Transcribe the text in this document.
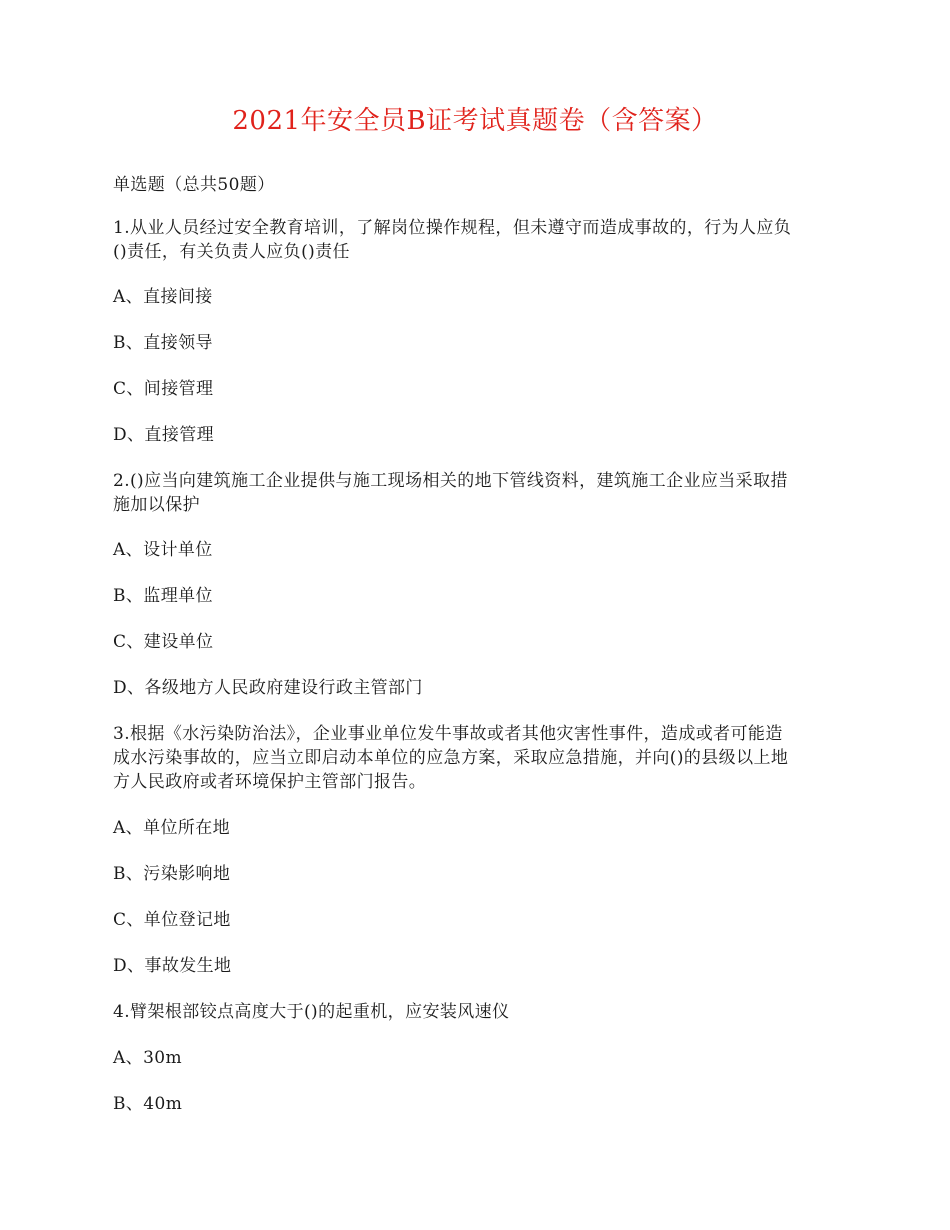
2021年安全员B证考试真题卷（含答案）
单选题（总共50题）
1.从业人员经过安全教育培训，了解岗位操作规程，但未遵守而造成事故的，行为人应负
()责任，有关负责人应负()责任
A、直接间接
B、直接领导
C、间接管理
D、直接管理
2.()应当向建筑施工企业提供与施工现场相关的地下管线资料，建筑施工企业应当采取措
施加以保护
A、设计单位
B、监理单位
C、建设单位
D、各级地方人民政府建设行政主管部门
3.根据《水污染防治法》，企业事业单位发牛事故或者其他灾害性事件，造成或者可能造
成水污染事故的，应当立即启动本单位的应急方案，采取应急措施，并向()的县级以上地
方人民政府或者环境保护主管部门报告。
A、单位所在地
B、污染影响地
C、单位登记地
D、事故发生地
4.臂架根部铰点高度大于()的起重机，应安装风速仪
A、30m
B、40m
